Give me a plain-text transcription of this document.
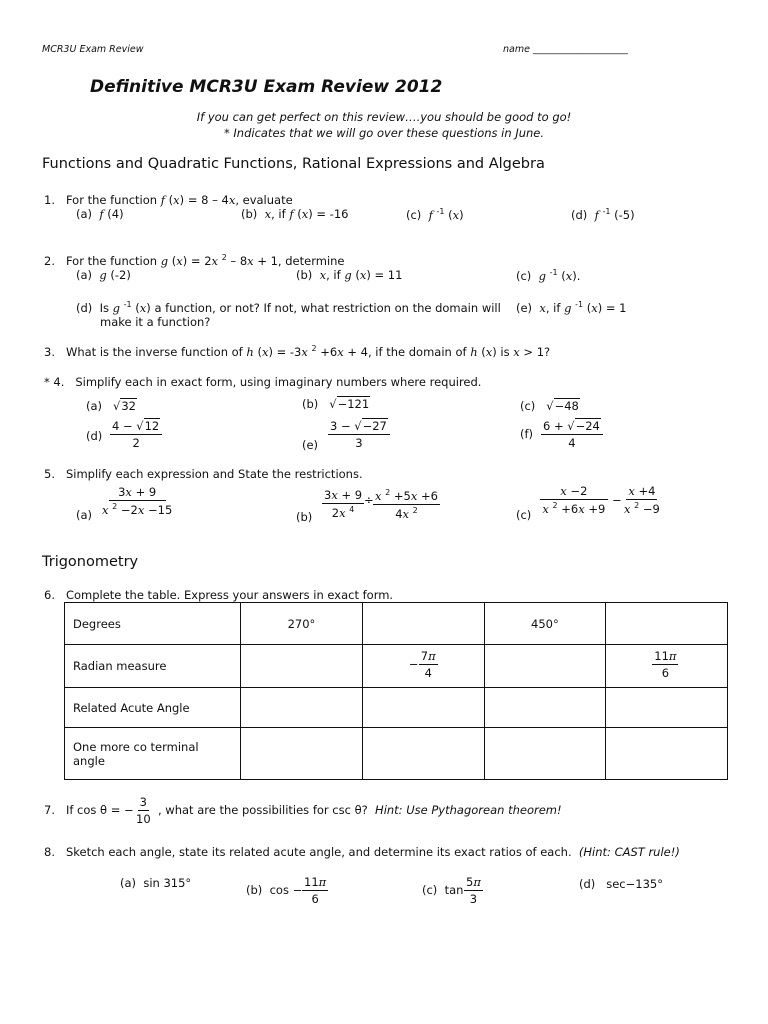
MCR3U Exam Review	name ____________________
Definitive MCR3U Exam Review 2012
If you can get perfect on this review….you should be good to go!
* Indicates that we will go over these questions in June.
Functions and Quadratic Functions, Rational Expressions and Algebra
1.   For the function f (x) = 8 – 4x, evaluate
(a)  f (4)	(b)  x, if f (x) = -16	(c)  f $^{-1}$ (x)	(d)  f $^{-1}$ (-5)
2.   For the function g (x) = 2x $^2$ – 8x + 1, determine
(a)  g (-2)	(b)  x, if g (x) = 11	(c)  g $^{-1}$ (x).
(d)  Is g $^{-1}$ (x) a function, or not? If not, what restriction on the domain will
make it a function?
(e)  x, if g $^{-1}$ (x) = 1
3. What is the inverse function of h (x) = -3x $^2$ +6x + 4, if the domain of h (x) is x > 1?
* 4. Simplify each in exact form, using imaginary numbers where required.
(a)   √32	(b)   √−121	(c)   √−48
$(d) \frac{4 - √12}{2}$	$(e) \frac{3 - √-27}{3}$	$(f) \frac{6 + √-24}{4}$
5. Simplify each expression and State the restrictions.
$(a) \frac{3x + 9}{x ^2 -2x -15}$
$(b) \frac{3x + 9}{2x ^4} \div \frac{x ^2 +5x +6}{4x ^2}$	$(c) \frac{x -2}{x ^2 +6x +9} - \frac{x +4}{x ^2 -9}$
Trigonometry
6. Complete the table. Express your answers in exact form.
Degrees	270°		450°	
Radian measure		− $\frac{7\pi}{4}$		$\frac{11\pi}{6}$

Related Acute Angle				
One more co terminal angle				
7.   If cos θ = − $\frac{3}{10}$ , what are the possibilities for csc θ?  Hint: Use Pythagorean theorem!
8. Sketch each angle, state its related acute angle, and determine its exact ratios of each. (Hint: CAST rule!)
(a)  sin 315°	(b)  $\cos - \frac{11\pi}{6}$	(c)  $\tan \frac{5\pi}{3}$	(d)   sec−135°
